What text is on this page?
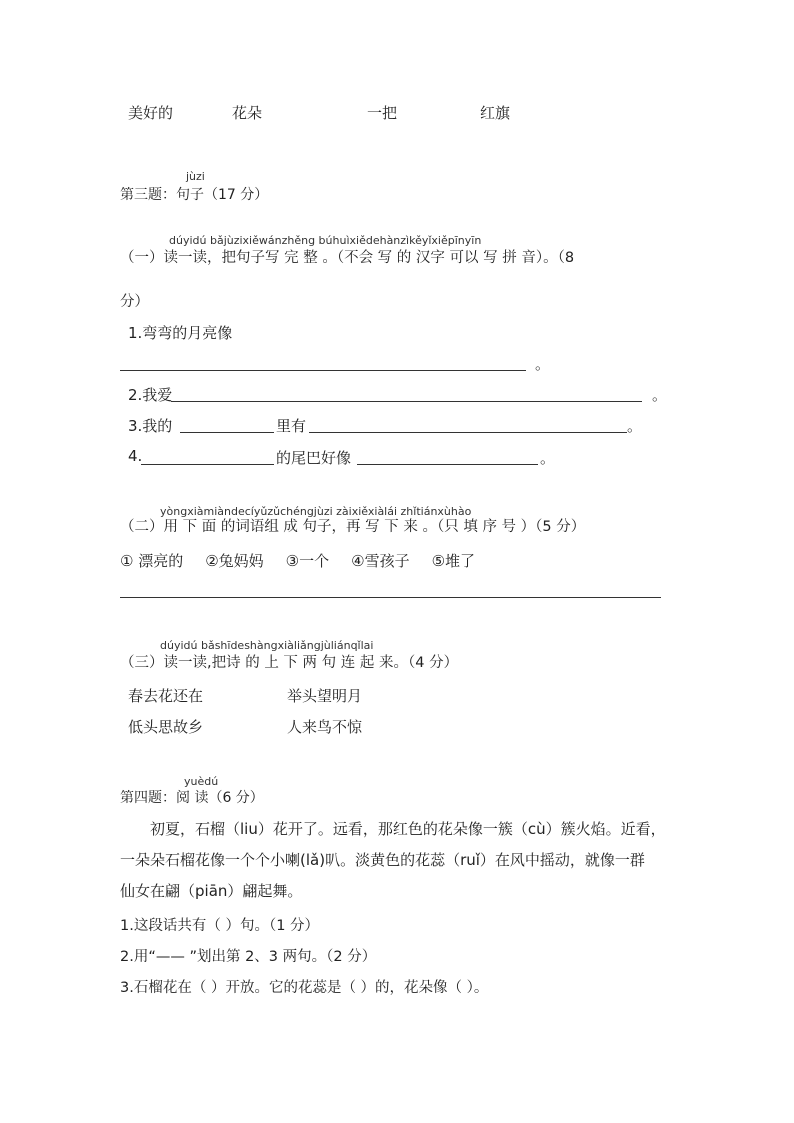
美好的	花朵	一把	红旗
jùzi
第三题：句子（17 分）
dúyidú bǎjùzixiěwánzhěng búhuìxiědehànzìkěyǐxiěpīnyīn
（一）读一读，把句子写 完 整 。（不会 写 的 汉字 可以 写 拼 音）。（8
分）
1.弯弯的月亮像
。
2.我爱	。
3.我的	里有	。
4.	的尾巴好像	。
yòngxiàmiàndecíyǔzǔchéngjùzi zàixiěxiàlái zhǐtiánxùhào
（二）用 下 面 的词语组 成 句子，再 写 下 来 。（只 填 序 号 ）（5 分）
① 漂亮的 ②兔妈妈 ③一个 ④雪孩子 ⑤堆了
dúyidú bǎshīdeshàngxiàliǎngjùliánqǐlai
（三）读一读,把诗 的 上 下 两 句 连 起 来。（4 分）
春去花还在	举头望明月
低头思故乡	人来鸟不惊
yuèdú
第四题：阅 读（6 分）
初夏，石榴（liu）花开了。远看，那红色的花朵像一簇（cù）簇火焰。近看，
一朵朵石榴花像一个个小喇(lǎ)叭。淡黄色的花蕊（ruǐ）在风中摇动，就像一群
仙女在翩（piān）翩起舞。
1.这段话共有（ ）句。（1 分）
2.用“—— ”划出第 2、3 两句。（2 分）
3.石榴花在（ ）开放。它的花蕊是（ ）的，花朵像（ ）。
